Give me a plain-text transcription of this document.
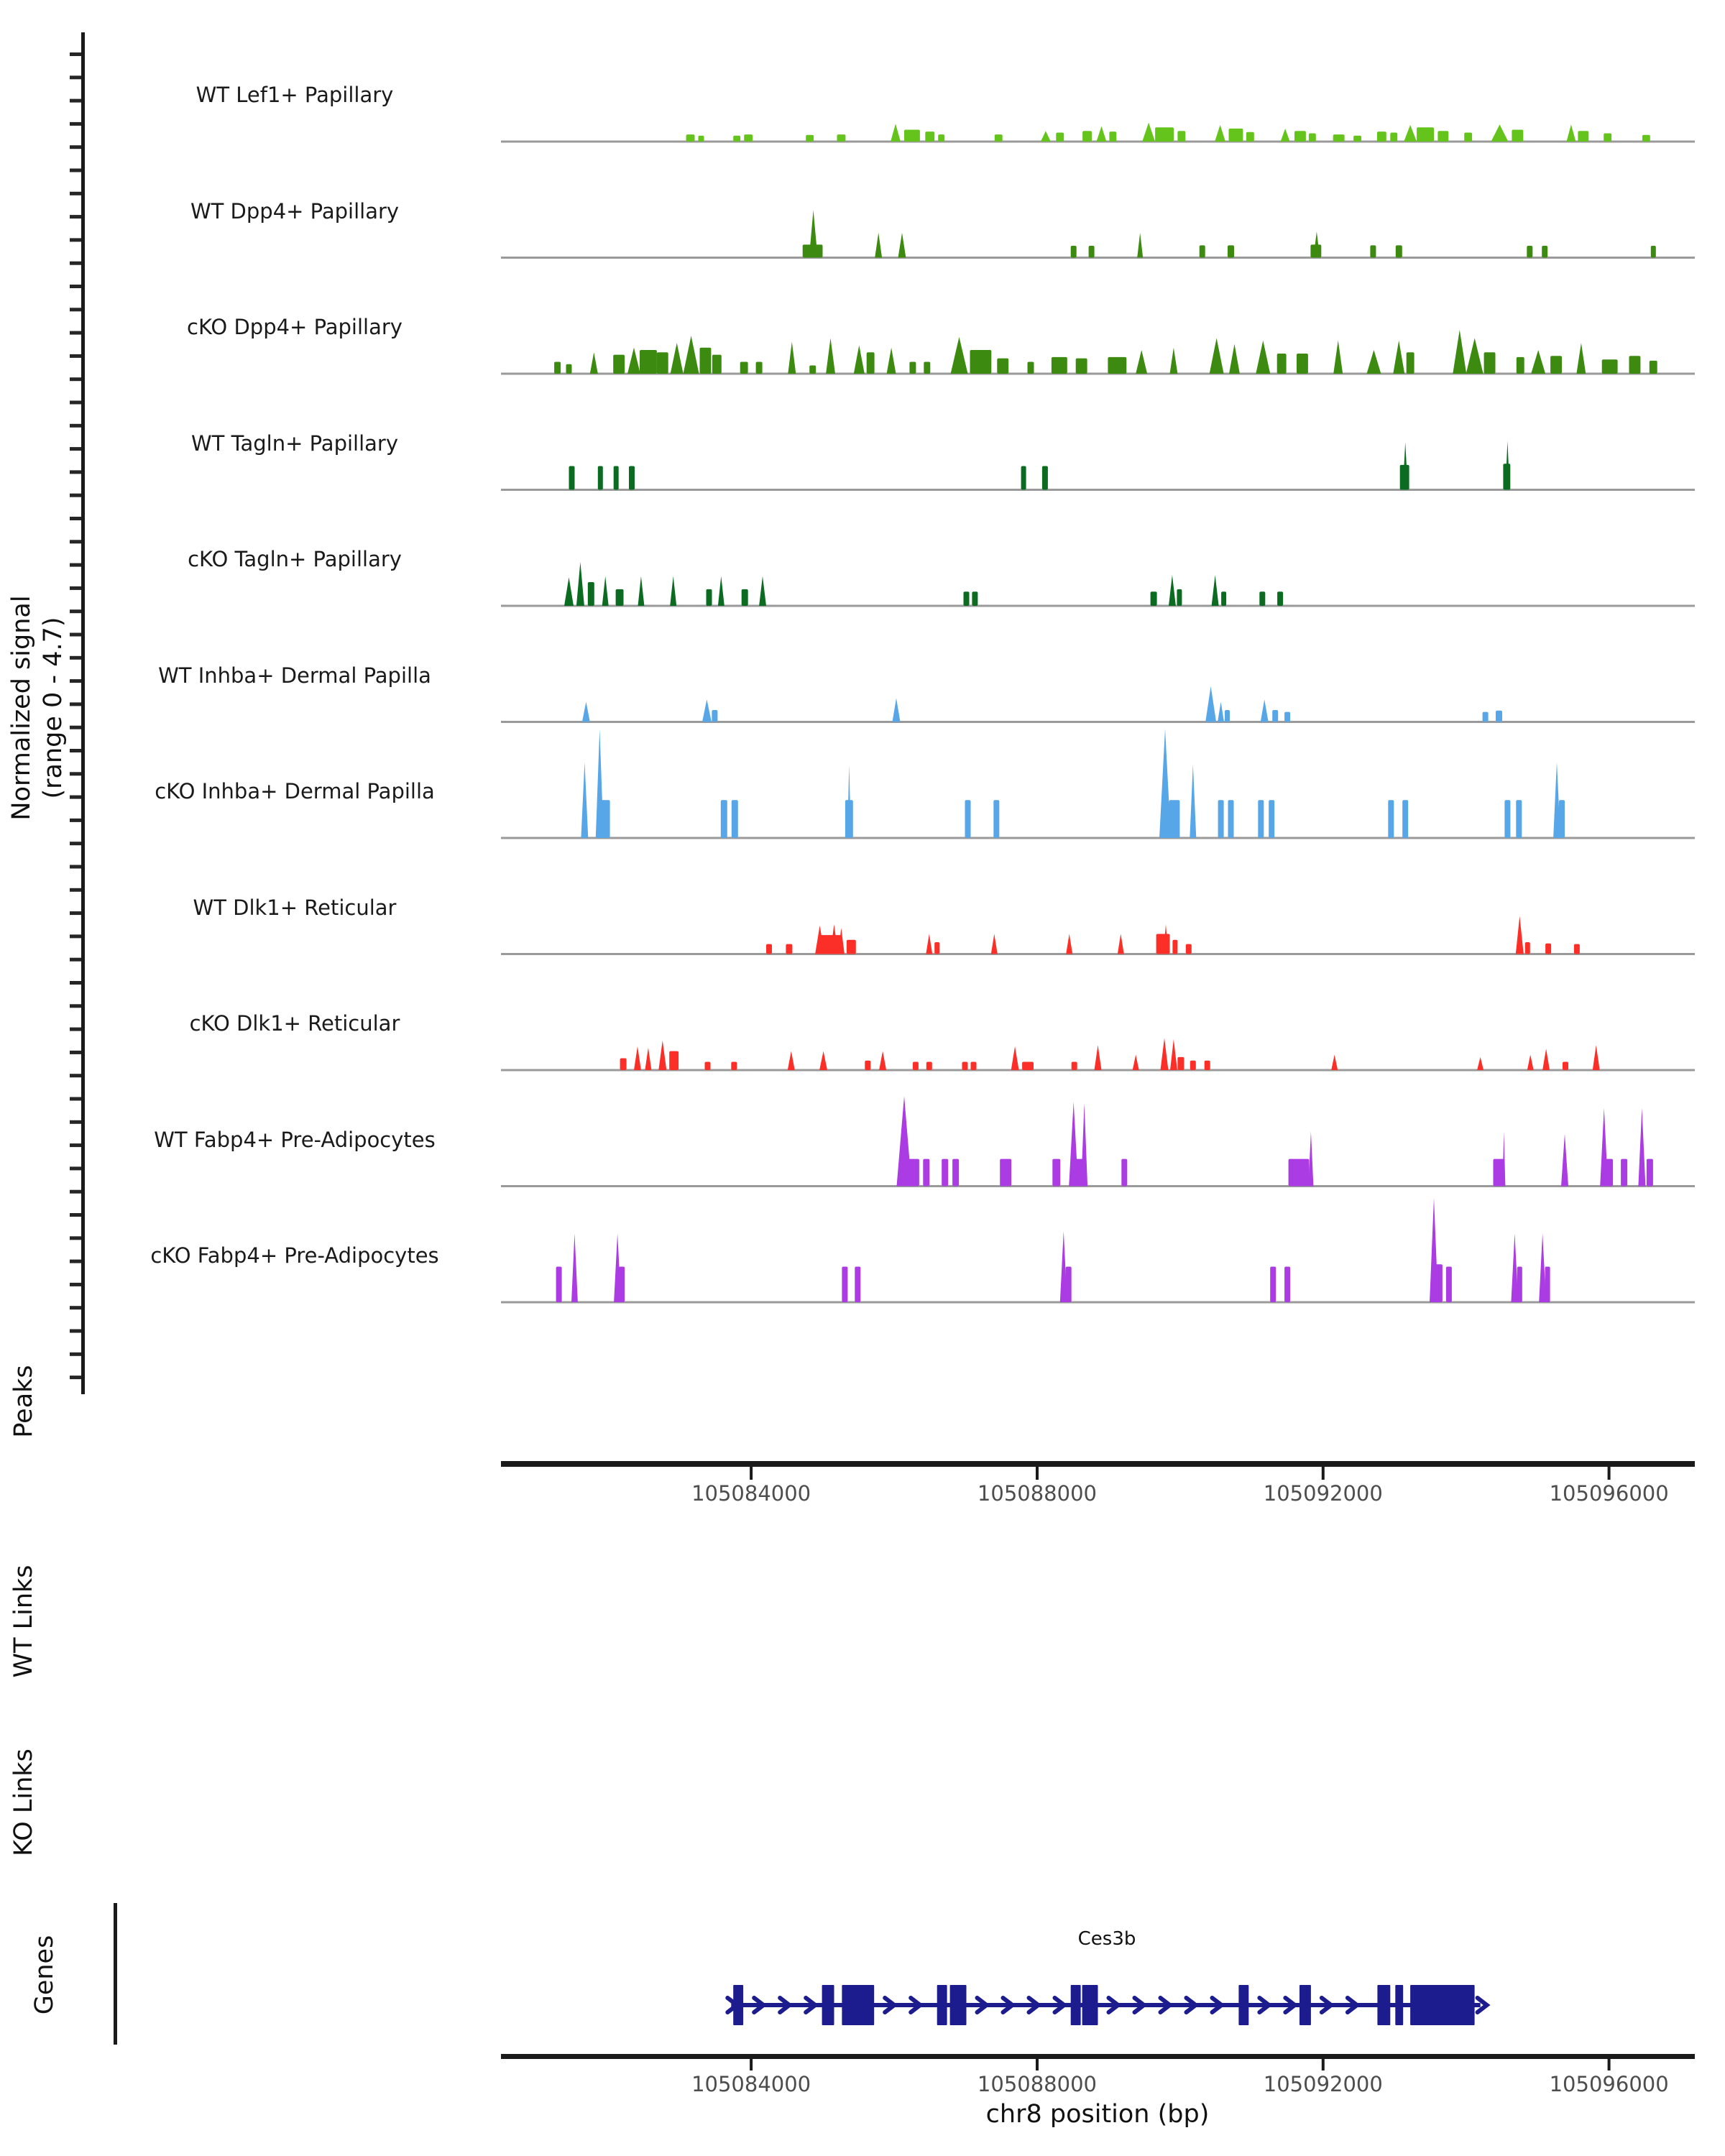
Normalized signal (range 0 - 4.7)
Peaks
WT Links
KO Links
Genes	Ces3b
chr8 position (bp)
WT Lef1+ Papillary
WT Dpp4+ Papillary
cKO Dpp4+ Papillary
WT Tagln+ Papillary
cKO Tagln+ Papillary
WT Inhba+ Dermal Papilla
cKO Inhba+ Dermal Papilla
WT Dlk1+ Reticular
cKO Dlk1+ Reticular
WT Fabp4+ Pre-Adipocytes
cKO Fabp4+ Pre-Adipocytes
105084000	105088000	105092000	105096000
105084000	105088000	105092000	105096000
